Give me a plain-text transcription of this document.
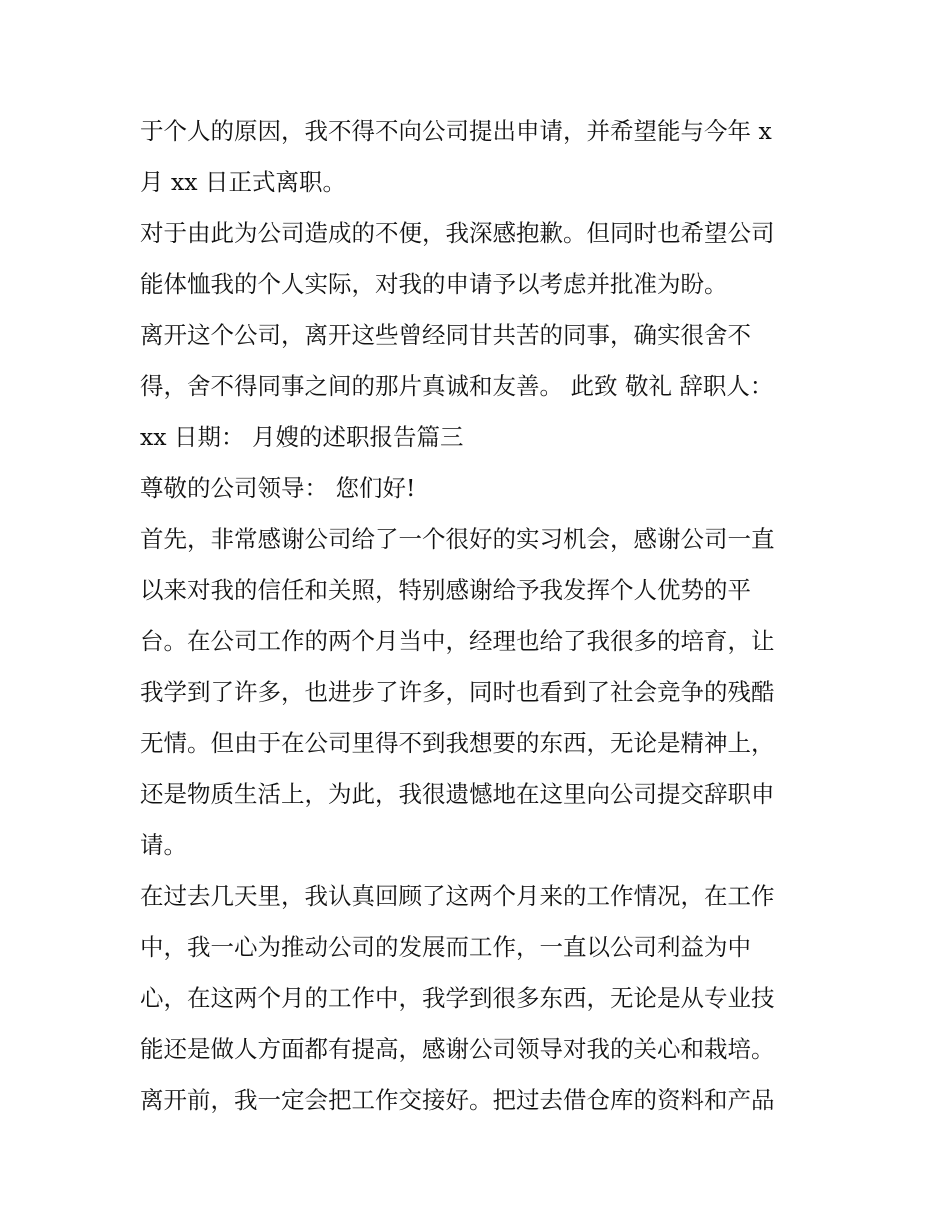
于个人的原因，我不得不向公司提出申请，并希望能与今年 x
月 xx 日正式离职。
对于由此为公司造成的不便，我深感抱歉。但同时也希望公司
能体恤我的个人实际，对我的申请予以考虑并批准为盼。
离开这个公司，离开这些曾经同甘共苦的同事，确实很舍不
得，舍不得同事之间的那片真诚和友善。 此致 敬礼 辞职人：
xx 日期： 月嫂的述职报告篇三
尊敬的公司领导： 您们好!
首先，非常感谢公司给了一个很好的实习机会，感谢公司一直
以来对我的信任和关照，特别感谢给予我发挥个人优势的平
台。在公司工作的两个月当中，经理也给了我很多的培育，让
我学到了许多，也进步了许多，同时也看到了社会竞争的残酷
无情。但由于在公司里得不到我想要的东西，无论是精神上，
还是物质生活上，为此，我很遗憾地在这里向公司提交辞职申
请。
在过去几天里，我认真回顾了这两个月来的工作情况，在工作
中，我一心为推动公司的发展而工作，一直以公司利益为中
心，在这两个月的工作中，我学到很多东西，无论是从专业技
能还是做人方面都有提高，感谢公司领导对我的关心和栽培。
离开前，我一定会把工作交接好。把过去借仓库的资料和产品
